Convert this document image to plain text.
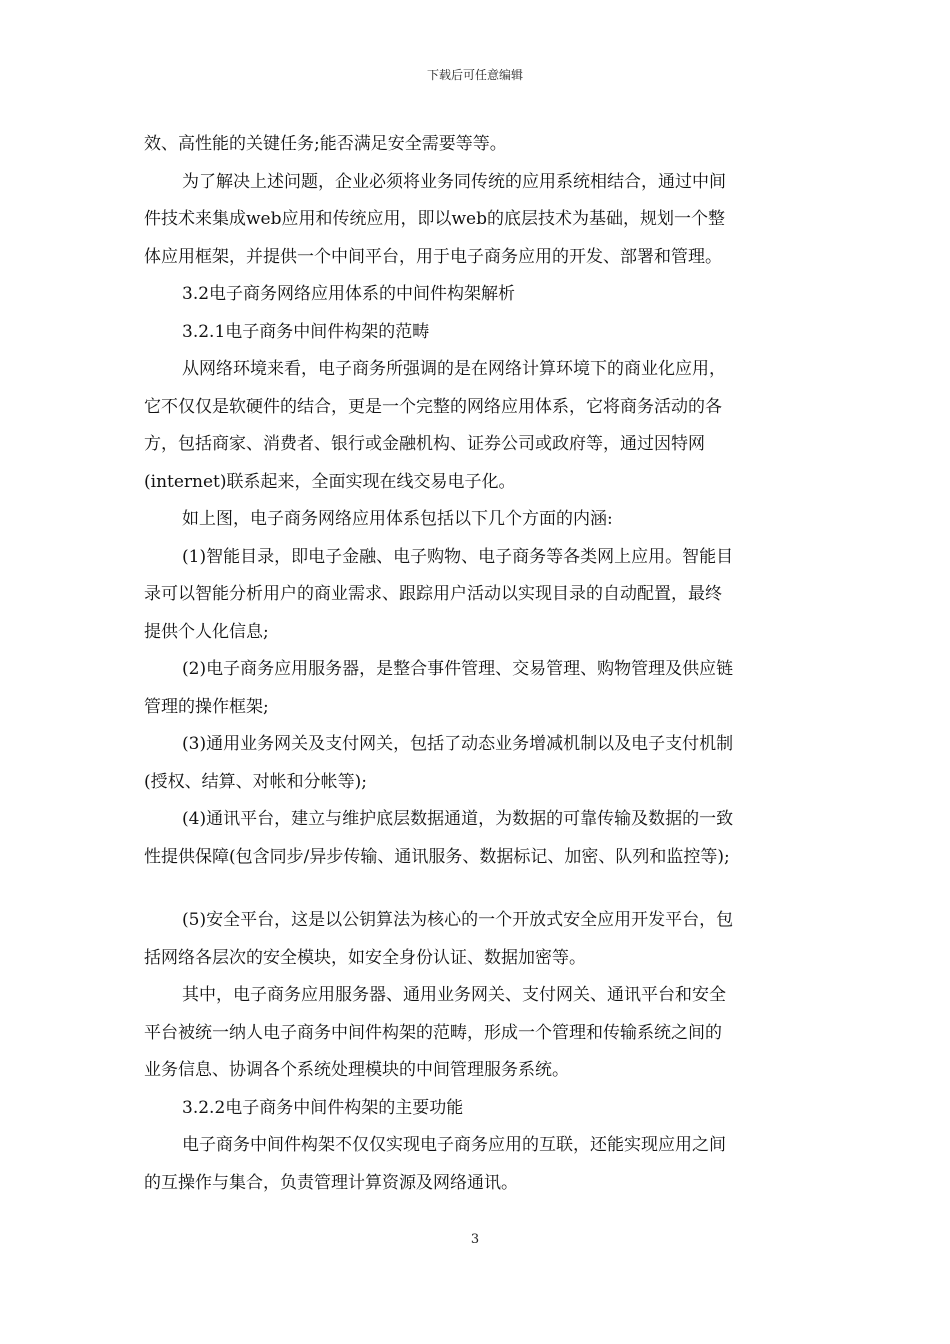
下载后可任意编辑
效、高性能的关键任务;能否满足安全需要等等。
为了解决上述问题，企业必须将业务同传统的应用系统相结合，通过中间
件技术来集成web应用和传统应用，即以web的底层技术为基础，规划一个整
体应用框架，并提供一个中间平台，用于电子商务应用的开发、部署和管理。
3.2电子商务网络应用体系的中间件构架解析
3.2.1电子商务中间件构架的范畴
从网络环境来看，电子商务所强调的是在网络计算环境下的商业化应用，
它不仅仅是软硬件的结合，更是一个完整的网络应用体系，它将商务活动的各
方，包括商家、消费者、银行或金融机构、证券公司或政府等，通过因特网
(internet)联系起来，全面实现在线交易电子化。
如上图，电子商务网络应用体系包括以下几个方面的内涵:
(1)智能目录，即电子金融、电子购物、电子商务等各类网上应用。智能目
录可以智能分析用户的商业需求、跟踪用户活动以实现目录的自动配置，最终
提供个人化信息;
(2)电子商务应用服务器，是整合事件管理、交易管理、购物管理及供应链
管理的操作框架;
(3)通用业务网关及支付网关，包括了动态业务增减机制以及电子支付机制
(授权、结算、对帐和分帐等);
(4)通讯平台，建立与维护底层数据通道，为数据的可靠传输及数据的一致
性提供保障(包含同步/异步传输、通讯服务、数据标记、加密、队列和监控等);
(5)安全平台，这是以公钥算法为核心的一个开放式安全应用开发平台，包
括网络各层次的安全模块，如安全身份认证、数据加密等。
其中，电子商务应用服务器、通用业务网关、支付网关、通讯平台和安全
平台被统一纳人电子商务中间件构架的范畴，形成一个管理和传输系统之间的
业务信息、协调各个系统处理模块的中间管理服务系统。
3.2.2电子商务中间件构架的主要功能
电子商务中间件构架不仅仅实现电子商务应用的互联，还能实现应用之间
的互操作与集合，负责管理计算资源及网络通讯。
3
